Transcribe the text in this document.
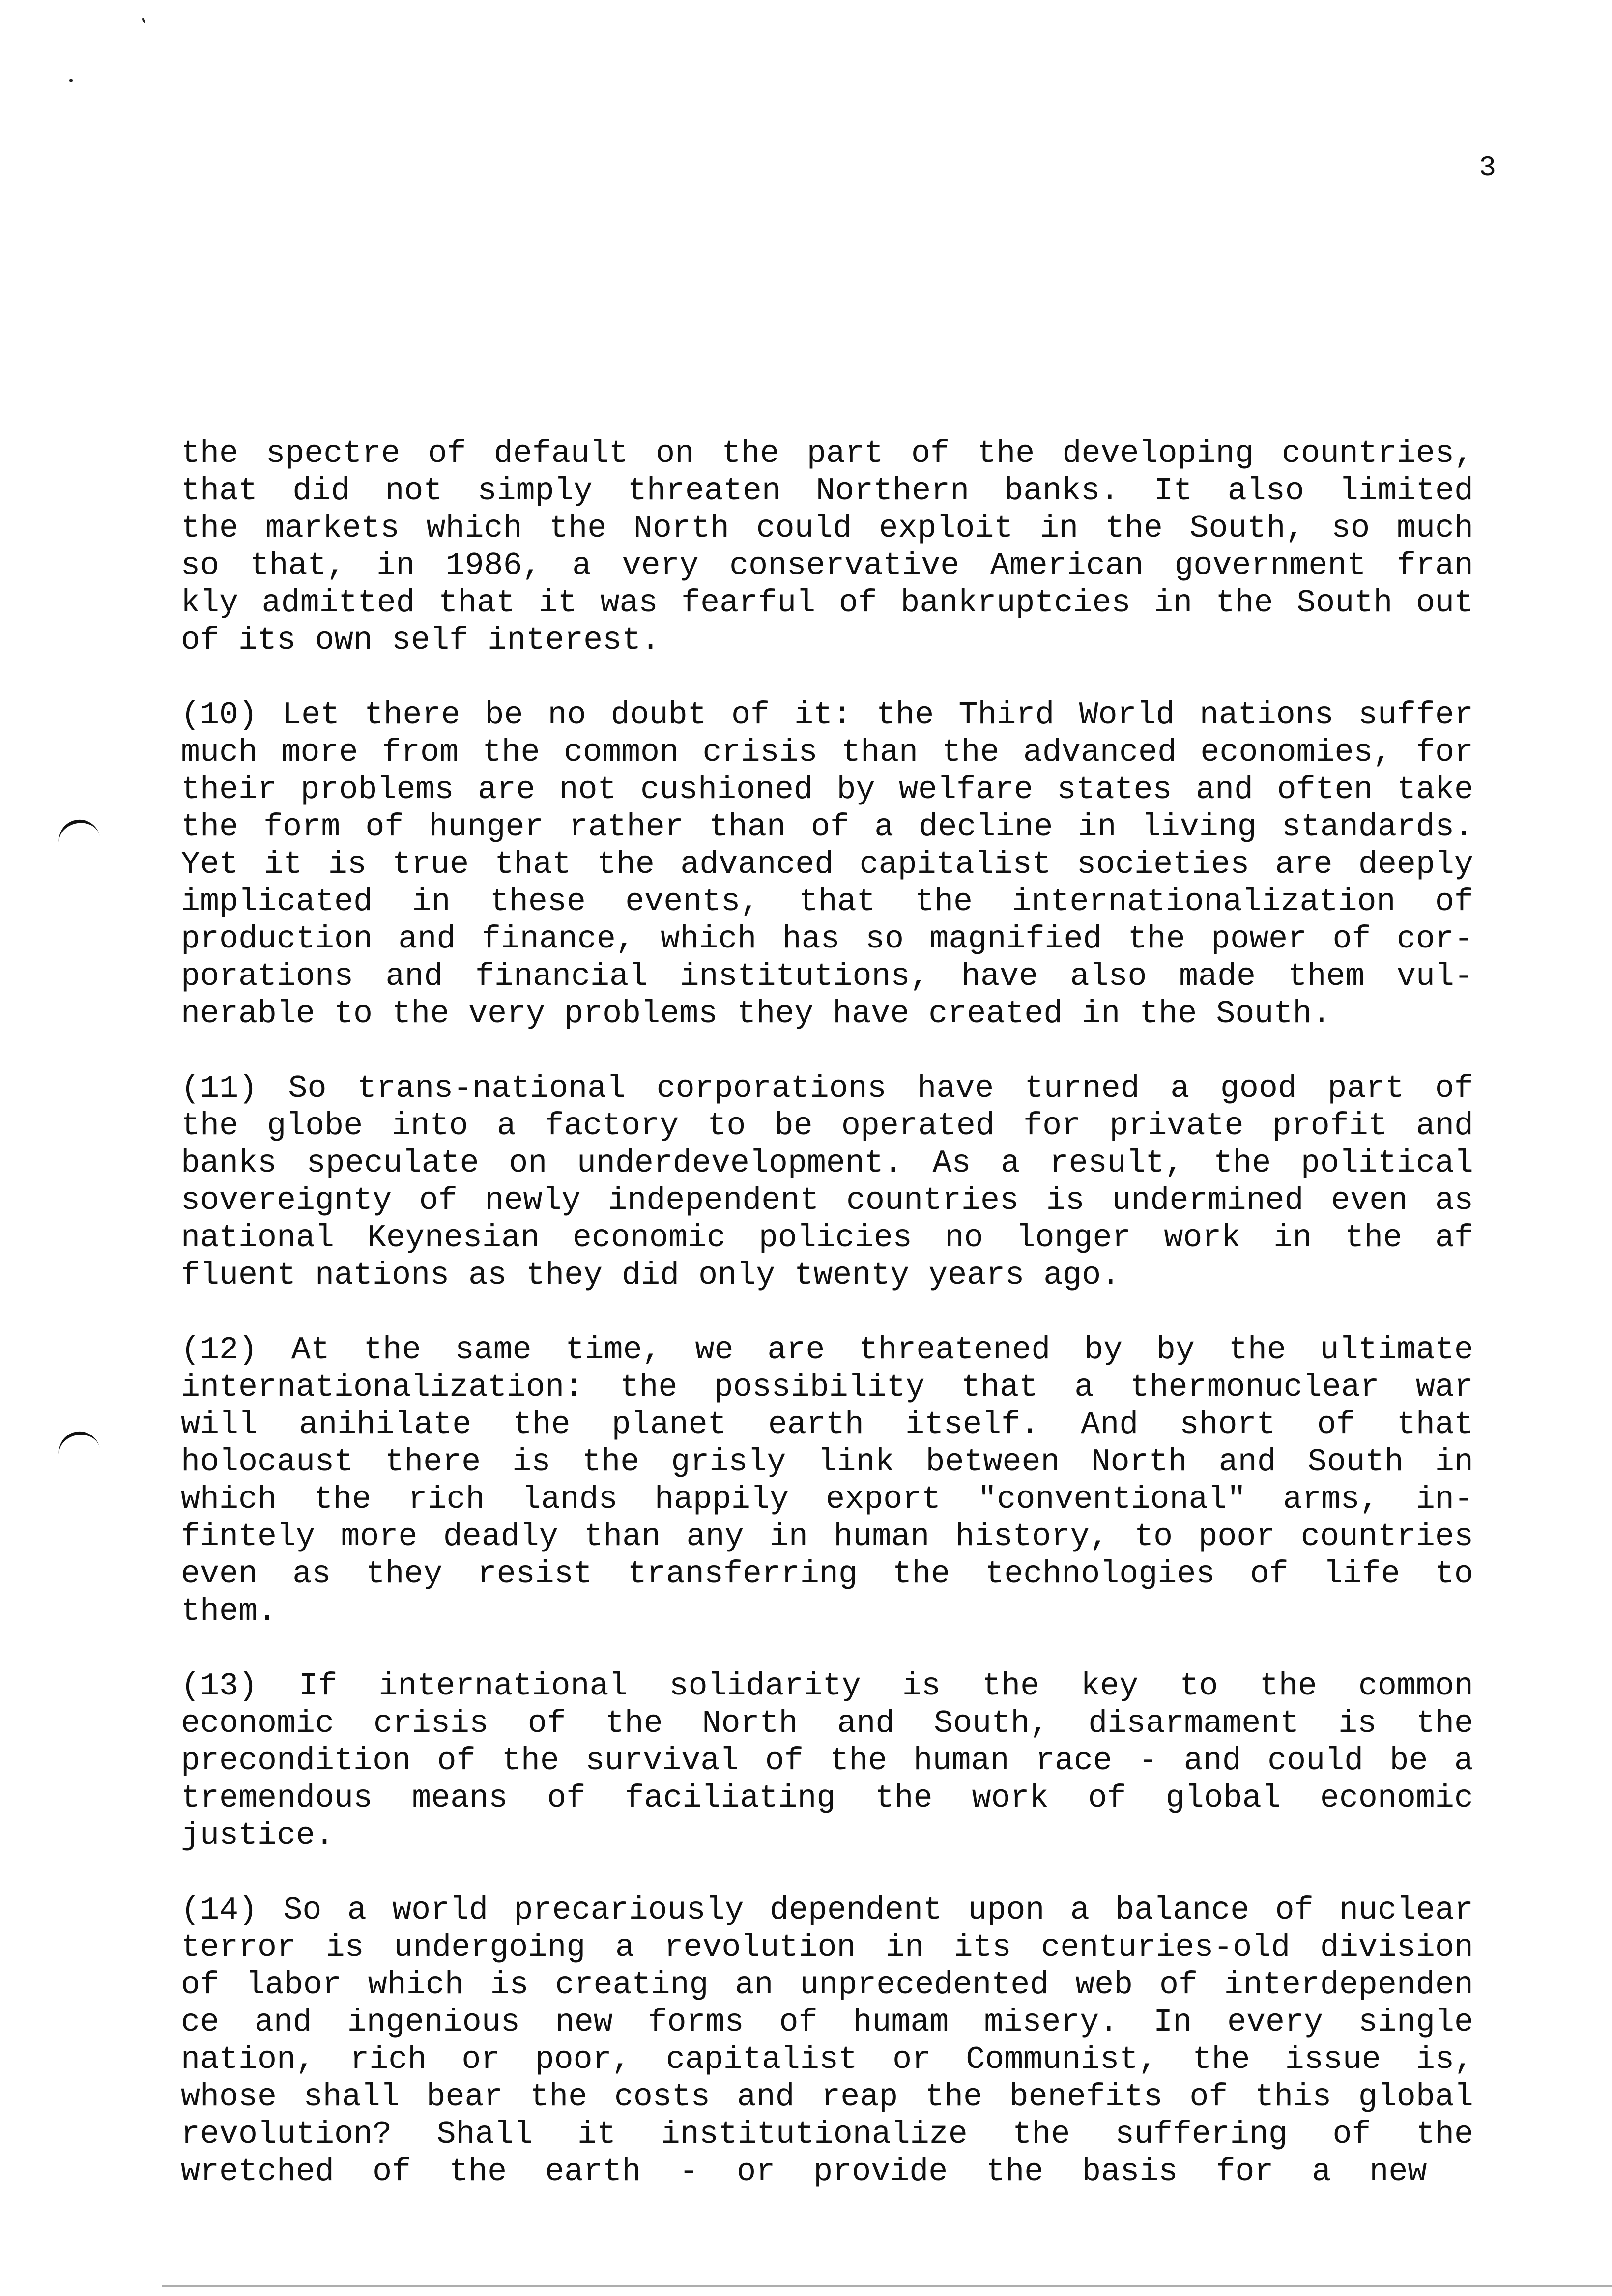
3
the spectre of default on the part of the developing countries,
that did not simply threaten Northern banks. It also limited
the markets which the North could exploit in the South, so much
so that, in 1986, a very conservative American government fran
kly admitted that it was fearful of bankruptcies in the South out
of its own self interest.
(10) Let there be no doubt of it: the Third World nations suffer
much more from the common crisis than the advanced economies, for
their problems are not cushioned by welfare states and often take
the form of hunger rather than of a decline in living standards.
Yet it is true that the advanced capitalist societies are deeply
implicated in these events, that the internationalization of
production and finance, which has so magnified the power of cor-
porations and financial institutions, have also made them vul-
nerable to the very problems they have created in the South.
(11) So trans-national corporations have turned a good part of
the globe into a factory to be operated for private profit and
banks speculate on underdevelopment. As a result, the political
sovereignty of newly independent countries is undermined even as
national Keynesian economic policies no longer work in the af
fluent nations as they did only twenty years ago.
(12) At the same time, we are threatened by by the ultimate
internationalization: the possibility that a thermonuclear war
will anihilate the planet earth itself. And short of that
holocaust there is the grisly link between North and South in
which the rich lands happily export "conventional" arms, in-
fintely more deadly than any in human history, to poor countries
even as they resist transferring the technologies of life to
them.
(13) If international solidarity is the key to the common
economic crisis of the North and South, disarmament is the
precondition of the survival of the human race - and could be a
tremendous means of faciliating the work of global economic
justice.
(14) So a world precariously dependent upon a balance of nuclear
terror is undergoing a revolution in its centuries-old division
of labor which is creating an unprecedented web of interdependen
ce and ingenious new forms of humam misery. In every single
nation, rich or poor, capitalist or Communist, the issue is,
whose shall bear the costs and reap the benefits of this global
revolution? Shall it institutionalize the suffering of the
wretched  of  the  earth  -  or  provide  the  basis  for  a  new
